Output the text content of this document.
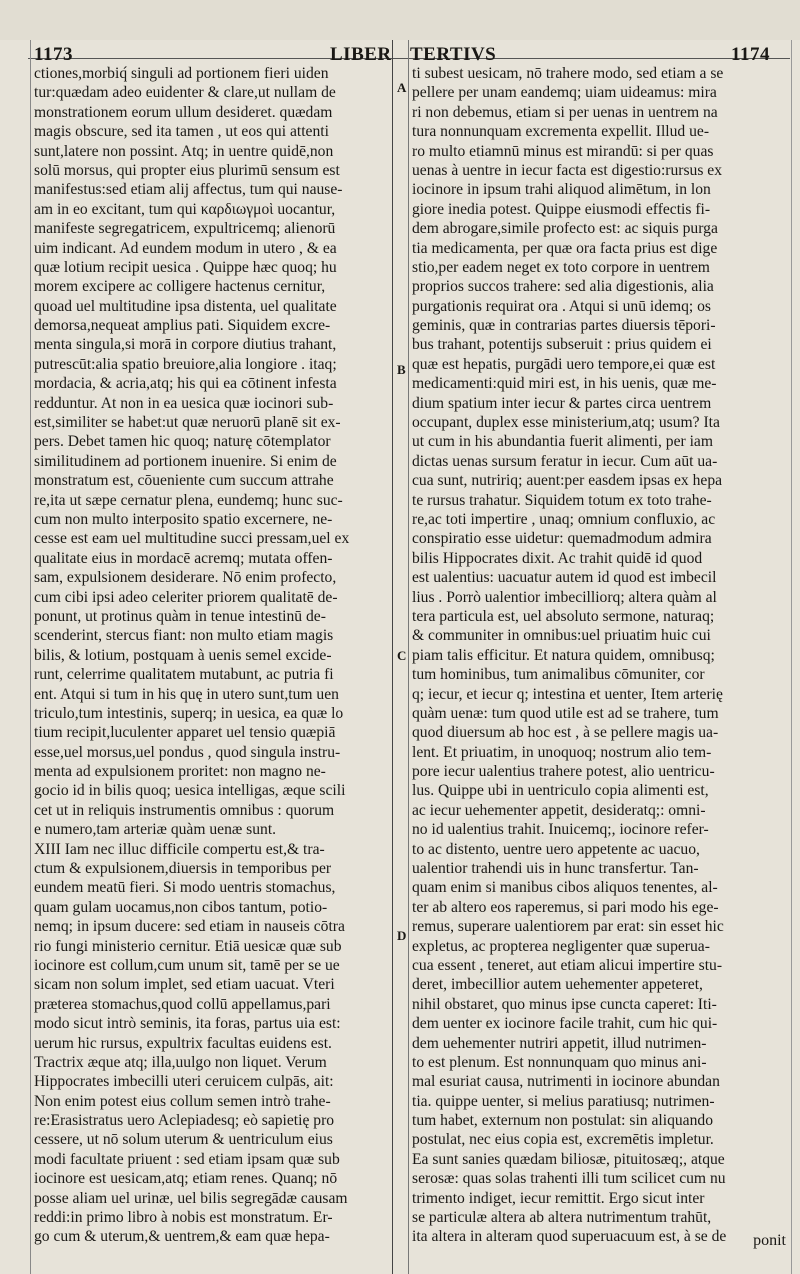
1173	LIBER TERTIVS	1174
A
B
C
D
ctiones,morbiq́ singuli ad portionem fieri uiden
tur:quædam adeo euidenter & clare,ut nullam de
monstrationem eorum ullum desideret. quædam
magis obscure, sed ita tamen , ut eos qui attenti
sunt,latere non possint. Atq; in uentre quidē,non
solū morsus, qui propter eius plurimū sensum est
manifestus:sed etiam alij affectus, tum qui nause-
am in eo excitant, tum qui καρδιωγμοὶ uocantur,
manifeste segregatricem, expultricemq; alienorū
uim indicant. Ad eundem modum in utero , & ea
quæ lotium recipit uesica . Quippe hæc quoq; hu
morem excipere ac colligere hactenus cernitur,
quoad uel multitudine ipsa distenta, uel qualitate
demorsa,nequeat amplius pati. Siquidem excre-
menta singula,si morā in corpore diutius trahant,
putrescūt:alia spatio breuiore,alia longiore . itaq;
mordacia, & acria,atq; his qui ea cōtinent infesta
redduntur. At non in ea uesica quæ iocinori sub-
est,similiter se habet:ut quæ neruorū planē sit ex-
pers. Debet tamen hic quoq; naturę cōtemplator
similitudinem ad portionem inuenire. Si enim de
monstratum est, cōueniente cum succum attrahe
re,ita ut sæpe cernatur plena, eundemq; hunc suc-
cum non multo interposito spatio excernere, ne-
cesse est eam uel multitudine succi pressam,uel ex
qualitate eius in mordacē acremq; mutata offen-
sam, expulsionem desiderare. Nō enim profecto,
cum cibi ipsi adeo celeriter priorem qualitatē de-
ponunt, ut protinus quàm in tenue intestinū de-
scenderint, stercus fiant: non multo etiam magis
bilis, & lotium, postquam à uenis semel excide-
runt, celerrime qualitatem mutabunt, ac putria fi
ent. Atqui si tum in his quę in utero sunt,tum uen
triculo,tum intestinis, superq; in uesica, ea quæ lo
tium recipit,luculenter apparet uel tensio quæpiā
esse,uel morsus,uel pondus , quod singula instru-
menta ad expulsionem proritet: non magno ne-
gocio id in bilis quoq; uesica intelligas, æque scili
cet ut in reliquis instrumentis omnibus : quorum
e numero,tam arteriæ quàm uenæ sunt.
XIII Iam nec illuc difficile compertu est,& tra-
ctum & expulsionem,diuersis in temporibus per
eundem meatū fieri. Si modo uentris stomachus,
quam gulam uocamus,non cibos tantum, potio-
nemq; in ipsum ducere: sed etiam in nauseis cōtra
rio fungi ministerio cernitur. Etiā uesicæ quæ sub
iocinore est collum,cum unum sit, tamē per se ue
sicam non solum implet, sed etiam uacuat. Vteri
præterea stomachus,quod collū appellamus,pari
modo sicut intrò seminis, ita foras, partus uia est:
uerum hic rursus, expultrix facultas euidens est.
Tractrix æque atq; illa,uulgo non liquet. Verum
Hippocrates imbecilli uteri ceruicem culpās, ait:
Non enim potest eius collum semen intrò trahe-
re:Erasistratus uero Aclepiadesq; eò sapietię pro
cessere, ut nō solum uterum & uentriculum eius
modi facultate priuent : sed etiam ipsam quæ sub
iocinore est uesicam,atq; etiam renes. Quanq; nō
posse aliam uel urinæ, uel bilis segregādæ causam
reddi:in primo libro à nobis est monstratum. Er-
go cum & uterum,& uentrem,& eam quæ hepa-
ti subest uesicam, nō trahere modo, sed etiam a se
pellere per unam eandemq; uiam uideamus: mira
ri non debemus, etiam si per uenas in uentrem na
tura nonnunquam excrementa expellit. Illud ue-
ro multo etiamnū minus est mirandū: si per quas
uenas à uentre in iecur facta est digestio:rursus ex
iocinore in ipsum trahi aliquod alimētum, in lon
giore inedia potest. Quippe eiusmodi effectis fi-
dem abrogare,simile profecto est: ac siquis purga
tia medicamenta, per quæ ora facta prius est dige
stio,per eadem neget ex toto corpore in uentrem
proprios succos trahere: sed alia digestionis, alia
purgationis requirat ora . Atqui si unū idemq; os
geminis, quæ in contrarias partes diuersis tēpori-
bus trahant, potentijs subseruit : prius quidem ei
quæ est hepatis, purgādi uero tempore,ei quæ est
medicamenti:quid miri est, in his uenis, quæ me-
dium spatium inter iecur & partes circa uentrem
occupant, duplex esse ministerium,atq; usum? Ita
ut cum in his abundantia fuerit alimenti, per iam
dictas uenas sursum feratur in iecur. Cum aūt ua-
cua sunt, nutririq; auent:per easdem ipsas ex hepa
te rursus trahatur. Siquidem totum ex toto trahe-
re,ac toti impertire , unaq; omnium confluxio, ac
conspiratio esse uidetur: quemadmodum admira
bilis Hippocrates dixit. Ac trahit quidē id quod
est ualentius: uacuatur autem id quod est imbecil
lius . Porrò ualentior imbecilliorq; altera quàm al
tera particula est, uel absoluto sermone, naturaq;
& communiter in omnibus:uel priuatim huic cui
piam talis efficitur. Et natura quidem, omnibusq;
tum hominibus, tum animalibus cōmuniter, cor
q; iecur, et iecur q; intestina et uenter, Item arterię
quàm uenæ: tum quod utile est ad se trahere, tum
quod diuersum ab hoc est , à se pellere magis ua-
lent. Et priuatim, in unoquoq; nostrum alio tem-
pore iecur ualentius trahere potest, alio uentricu-
lus. Quippe ubi in uentriculo copia alimenti est,
ac iecur uehementer appetit, desideratq;: omni-
no id ualentius trahit. Inuicemq;, iocinore refer-
to ac distento, uentre uero appetente ac uacuo,
ualentior trahendi uis in hunc transfertur. Tan-
quam enim si manibus cibos aliquos tenentes, al-
ter ab altero eos raperemus, si pari modo his ege-
remus, superare ualentiorem par erat: sin esset hic
expletus, ac propterea negligenter quæ superua-
cua essent , teneret, aut etiam alicui impertire stu-
deret, imbecillior autem uehementer appeteret,
nihil obstaret, quo minus ipse cuncta caperet: Iti-
dem uenter ex iocinore facile trahit, cum hic qui-
dem uehementer nutriri appetit, illud nutrimen-
to est plenum. Est nonnunquam quo minus ani-
mal esuriat causa, nutrimenti in iocinore abundan
tia. quippe uenter, si melius paratiusq; nutrimen-
tum habet, externum non postulat: sin aliquando
postulat, nec eius copia est, excremētis impletur.
Ea sunt sanies quædam biliosæ, pituitosæq;, atque
serosæ: quas solas trahenti illi tum scilicet cum nu
trimento indiget, iecur remittit. Ergo sicut inter
se particulæ altera ab altera nutrimentum trahūt,
ita altera in alteram quod superuacuum est, à se de	ponit
